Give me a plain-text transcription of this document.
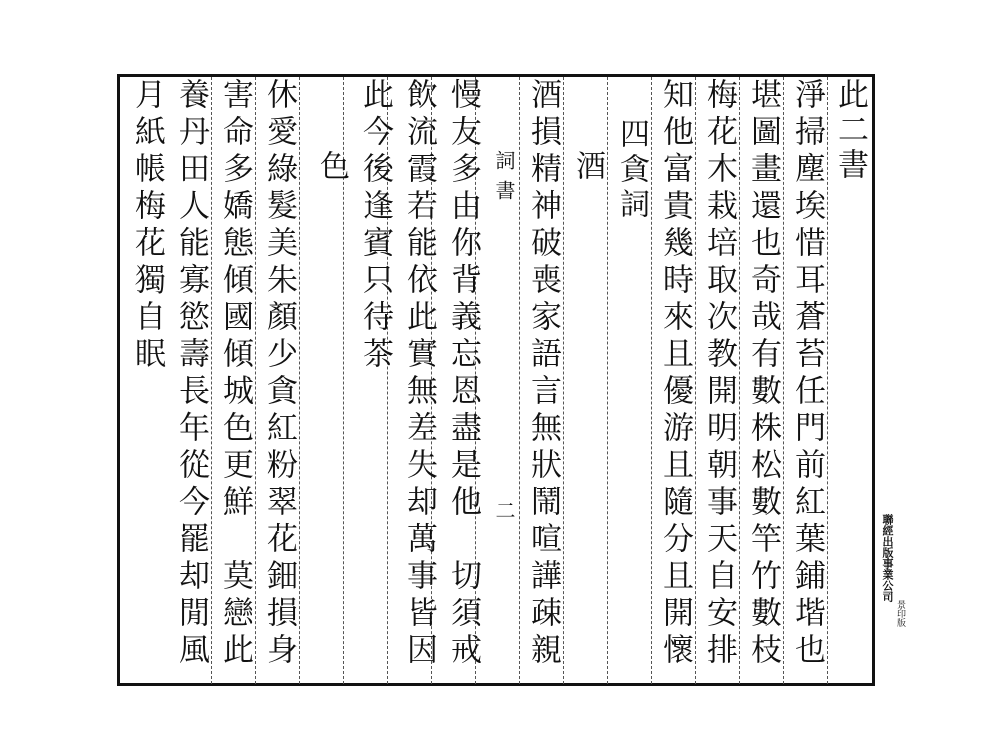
此二書
淨掃塵埃惜耳蒼苔任門前紅葉鋪堦也
堪圖畫還也奇哉有數株松數竿竹數枝
梅花木栽培取次教開明朝事天自安排
知他富貴幾時來且優游且隨分且開懷
四貪詞
酒
酒損精神破喪家語言無狀鬧喧譁疎親
詞
書
二
慢友多由你背義忘恩盡是他　切須戒
飲流霞若能依此實無差失却萬事皆因
此今後逢賓只待茶
色
休愛綠髮美朱顏少貪紅粉翠花鈿損身
害命多嬌態傾國傾城色更鮮　莫戀此
養丹田人能寡慾壽長年從今罷却閒風
月紙帳梅花獨自眠
聯經出版事業公司
景印版
